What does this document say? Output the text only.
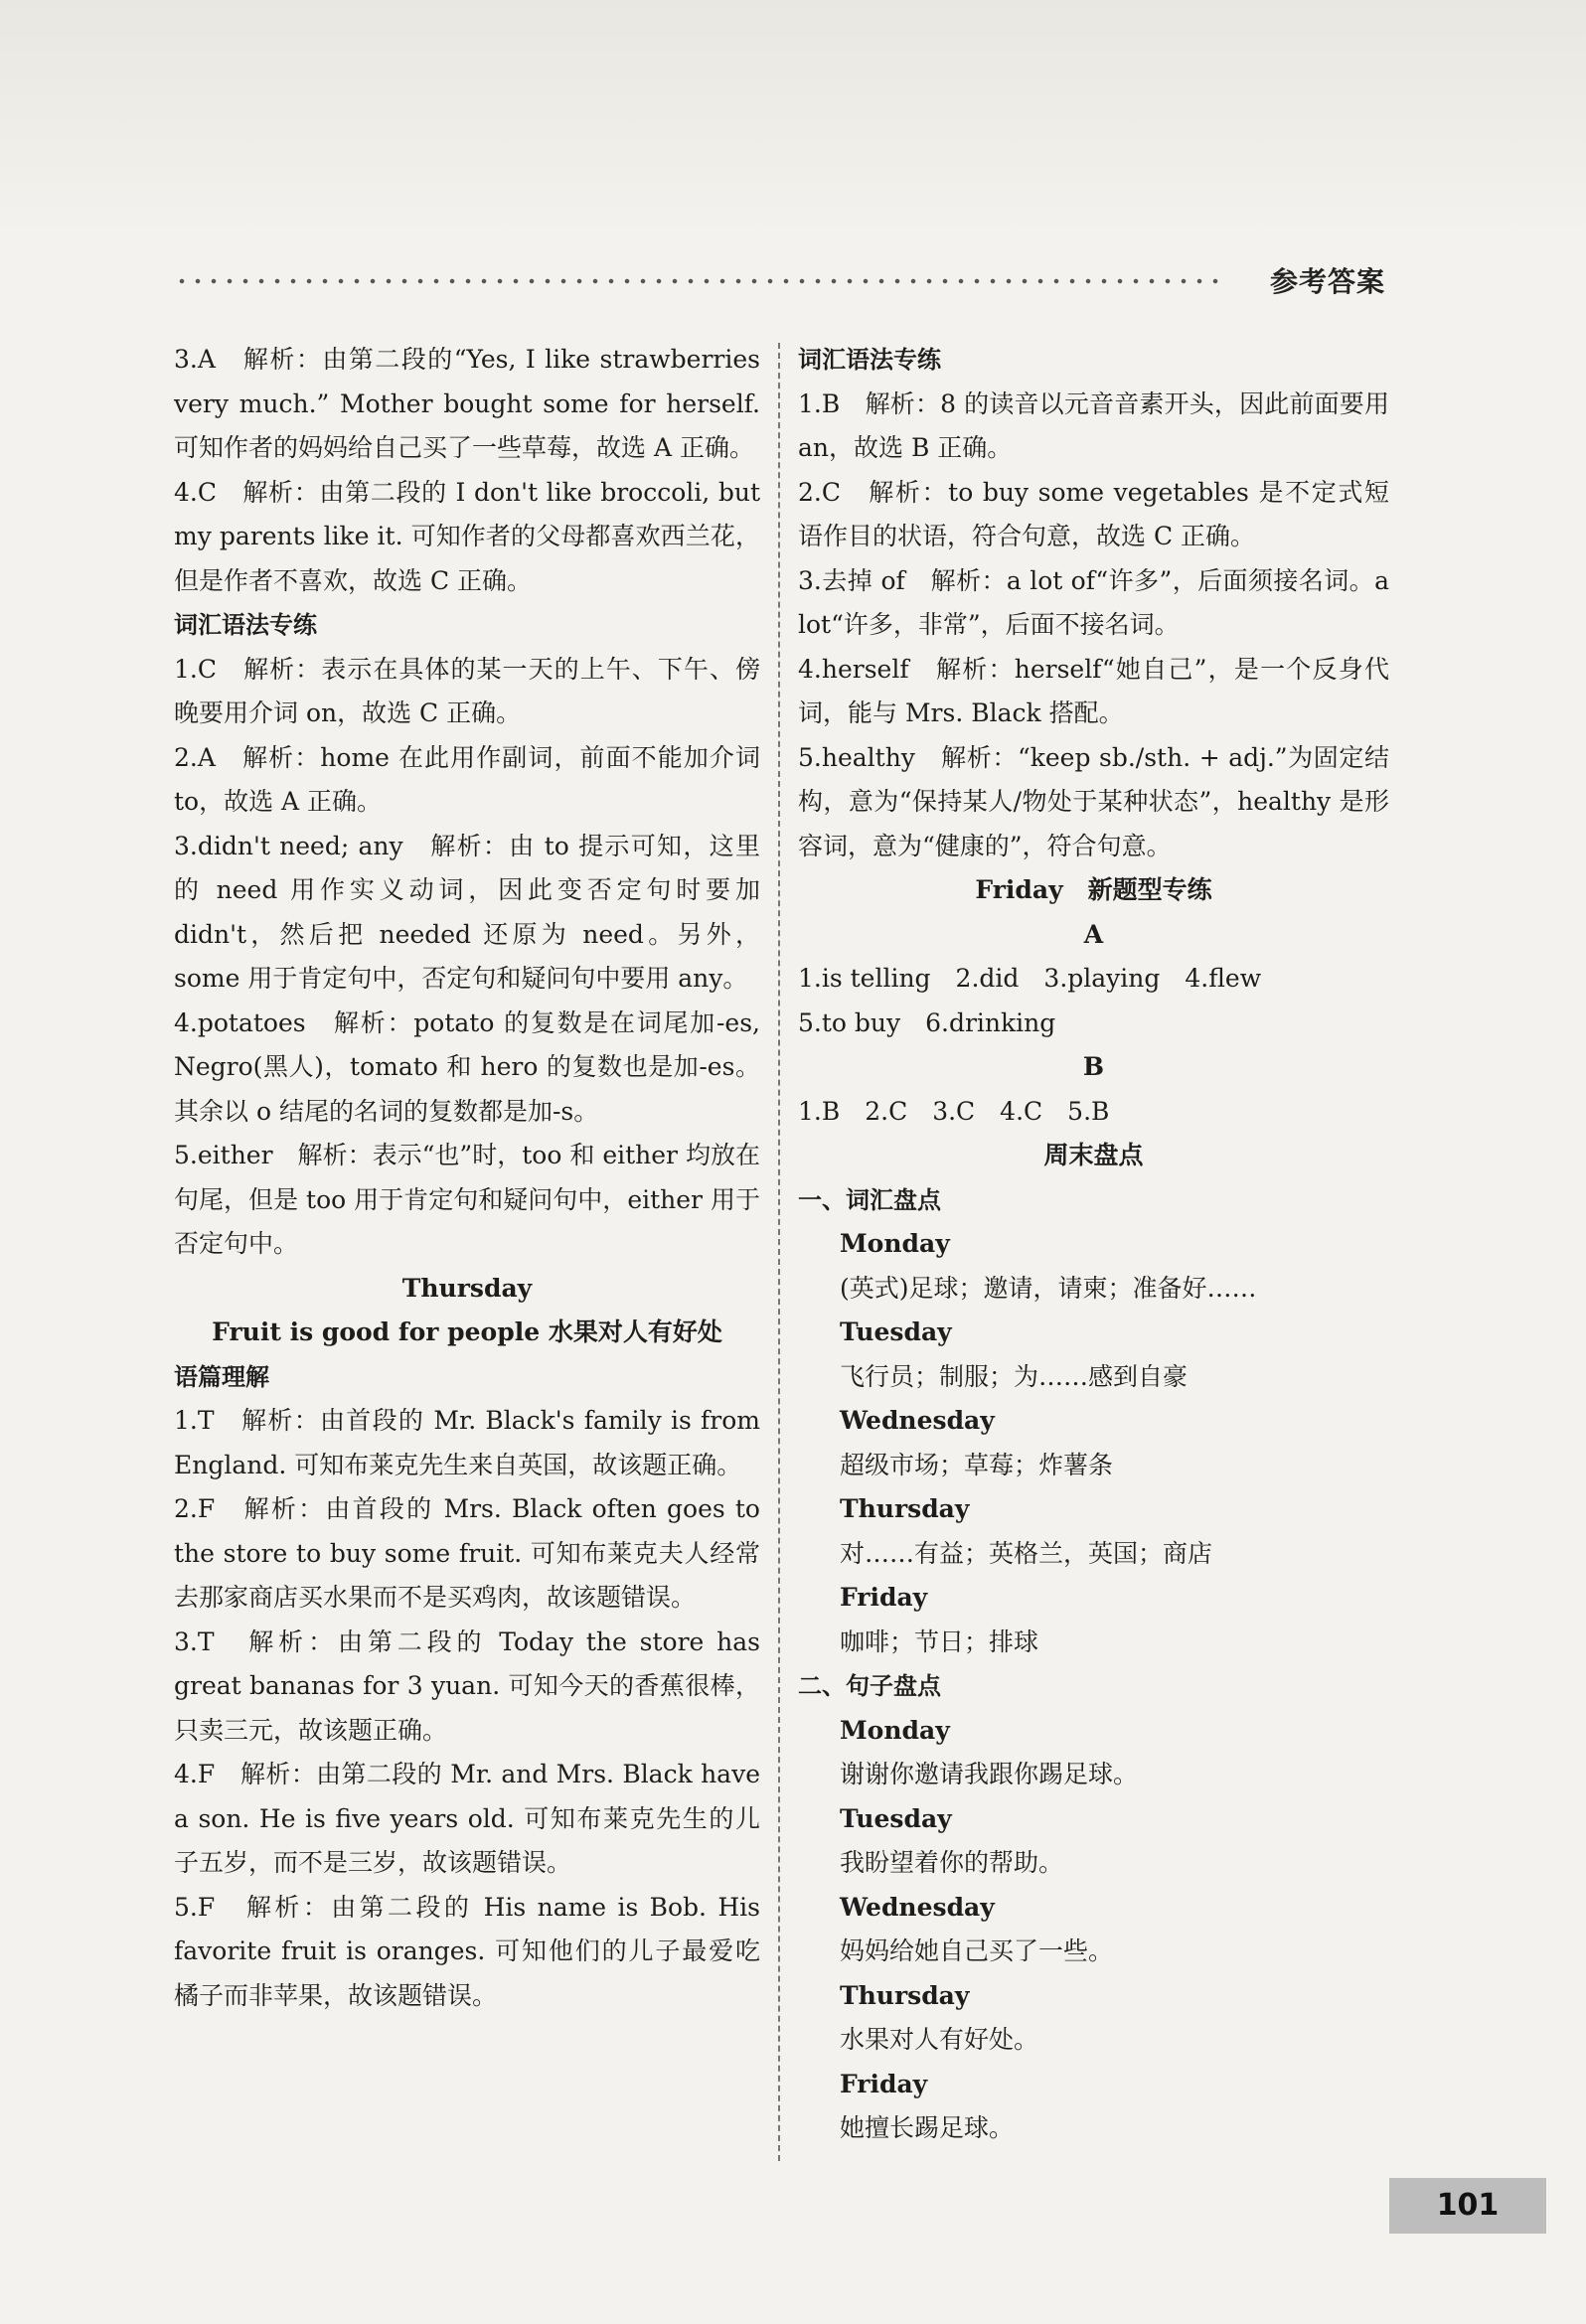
参考答案
3.A　解析：由第二段的“Yes, I like strawberries very much.” Mother bought some for herself. 可知作者的妈妈给自己买了一些草莓，故选 A 正确。
4.C　解析：由第二段的 I don't like broccoli, but my parents like it. 可知作者的父母都喜欢西兰花，但是作者不喜欢，故选 C 正确。
词汇语法专练
1.C　解析：表示在具体的某一天的上午、下午、傍晚要用介词 on，故选 C 正确。
2.A　解析：home 在此用作副词，前面不能加介词 to，故选 A 正确。
3.didn't need; any　解析：由 to 提示可知，这里的 need 用作实义动词，因此变否定句时要加 didn't，然后把 needed 还原为 need。另外，some 用于肯定句中，否定句和疑问句中要用 any。
4.potatoes　解析：potato 的复数是在词尾加-es, Negro(黑人)，tomato 和 hero 的复数也是加-es。其余以 o 结尾的名词的复数都是加-s。
5.either　解析：表示“也”时，too 和 either 均放在句尾，但是 too 用于肯定句和疑问句中，either 用于否定句中。
Thursday
Fruit is good for people 水果对人有好处
语篇理解
1.T　解析：由首段的 Mr. Black's family is from England. 可知布莱克先生来自英国，故该题正确。
2.F　解析：由首段的 Mrs. Black often goes to the store to buy some fruit. 可知布莱克夫人经常去那家商店买水果而不是买鸡肉，故该题错误。
3.T　解析：由第二段的 Today the store has great bananas for 3 yuan. 可知今天的香蕉很棒，只卖三元，故该题正确。
4.F　解析：由第二段的 Mr. and Mrs. Black have a son. He is five years old. 可知布莱克先生的儿子五岁，而不是三岁，故该题错误。
5.F　解析：由第二段的 His name is Bob. His favorite fruit is oranges. 可知他们的儿子最爱吃橘子而非苹果，故该题错误。
词汇语法专练
1.B　解析：8 的读音以元音音素开头，因此前面要用 an，故选 B 正确。
2.C　解析：to buy some vegetables 是不定式短语作目的状语，符合句意，故选 C 正确。
3.去掉 of　解析：a lot of“许多”，后面须接名词。a lot“许多，非常”，后面不接名词。
4.herself　解析：herself“她自己”，是一个反身代词，能与 Mrs. Black 搭配。
5.healthy　解析：“keep sb./sth. + adj.”为固定结构，意为“保持某人/物处于某种状态”，healthy 是形容词，意为“健康的”，符合句意。
Friday　新题型专练
A
1.is telling　2.did　3.playing　4.flew
5.to buy　6.drinking
B
1.B　2.C　3.C　4.C　5.B
周末盘点
一、词汇盘点
Monday
(英式)足球；邀请，请柬；准备好……
Tuesday
飞行员；制服；为……感到自豪
Wednesday
超级市场；草莓；炸薯条
Thursday
对……有益；英格兰，英国；商店
Friday
咖啡；节日；排球
二、句子盘点
Monday
谢谢你邀请我跟你踢足球。
Tuesday
我盼望着你的帮助。
Wednesday
妈妈给她自己买了一些。
Thursday
水果对人有好处。
Friday
她擅长踢足球。
101
